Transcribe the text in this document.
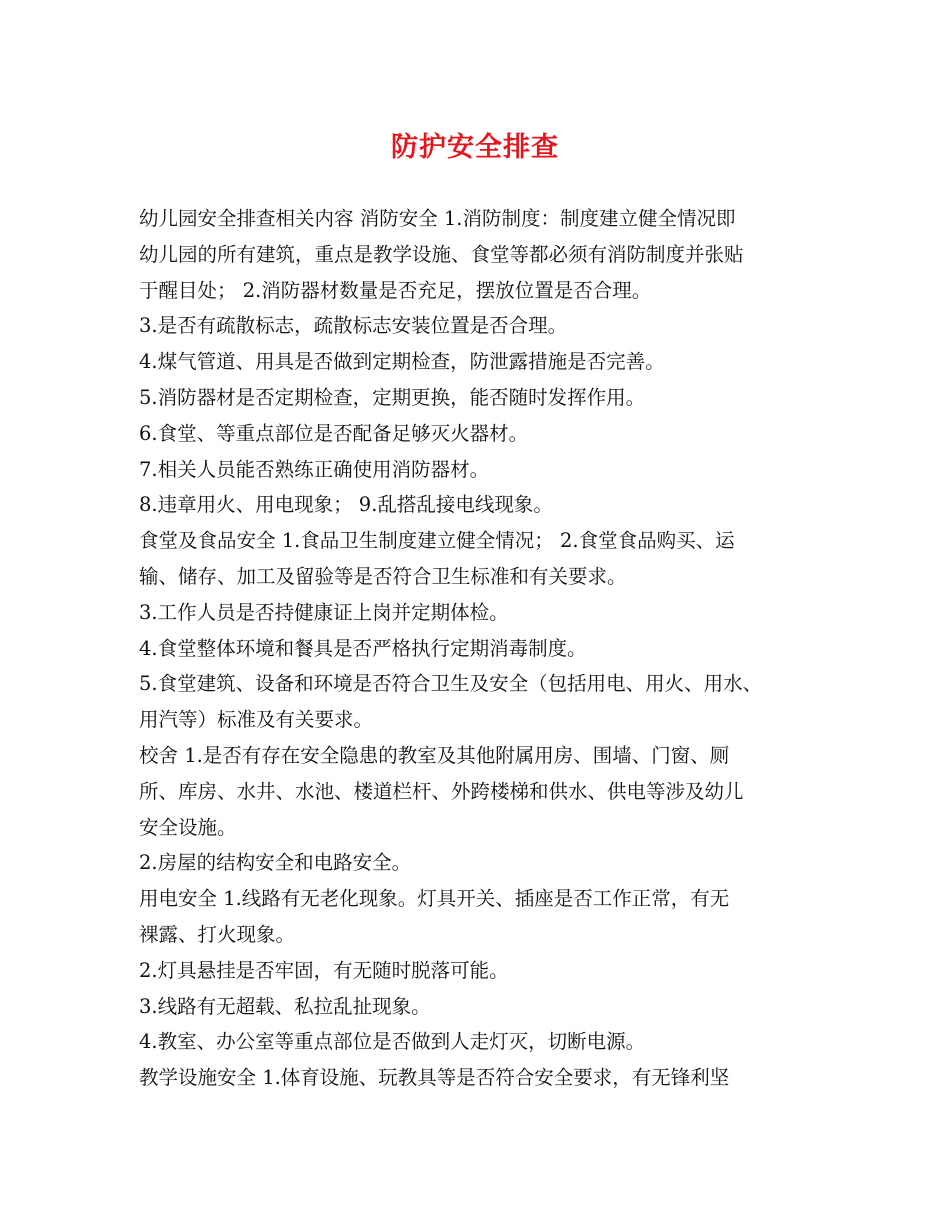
防护安全排查
幼儿园安全排查相关内容 消防安全 1.消防制度：制度建立健全情况即
幼儿园的所有建筑，重点是教学设施、食堂等都必须有消防制度并张贴
于醒目处； 2.消防器材数量是否充足，摆放位置是否合理。
3.是否有疏散标志，疏散标志安装位置是否合理。
4.煤气管道、用具是否做到定期检查，防泄露措施是否完善。
5.消防器材是否定期检查，定期更换，能否随时发挥作用。
6.食堂、等重点部位是否配备足够灭火器材。
7.相关人员能否熟练正确使用消防器材。
8.违章用火、用电现象； 9.乱搭乱接电线现象。
食堂及食品安全 1.食品卫生制度建立健全情况； 2.食堂食品购买、运
输、储存、加工及留验等是否符合卫生标准和有关要求。
3.工作人员是否持健康证上岗并定期体检。
4.食堂整体环境和餐具是否严格执行定期消毒制度。
5.食堂建筑、设备和环境是否符合卫生及安全（包括用电、用火、用水、
用汽等）标准及有关要求。
校舍 1.是否有存在安全隐患的教室及其他附属用房、围墙、门窗、厕
所、库房、水井、水池、楼道栏杆、外跨楼梯和供水、供电等涉及幼儿
安全设施。
2.房屋的结构安全和电路安全。
用电安全 1.线路有无老化现象。灯具开关、插座是否工作正常，有无
裸露、打火现象。
2.灯具悬挂是否牢固，有无随时脱落可能。
3.线路有无超载、私拉乱扯现象。
4.教室、办公室等重点部位是否做到人走灯灭，切断电源。
教学设施安全 1.体育设施、玩教具等是否符合安全要求，有无锋利坚
